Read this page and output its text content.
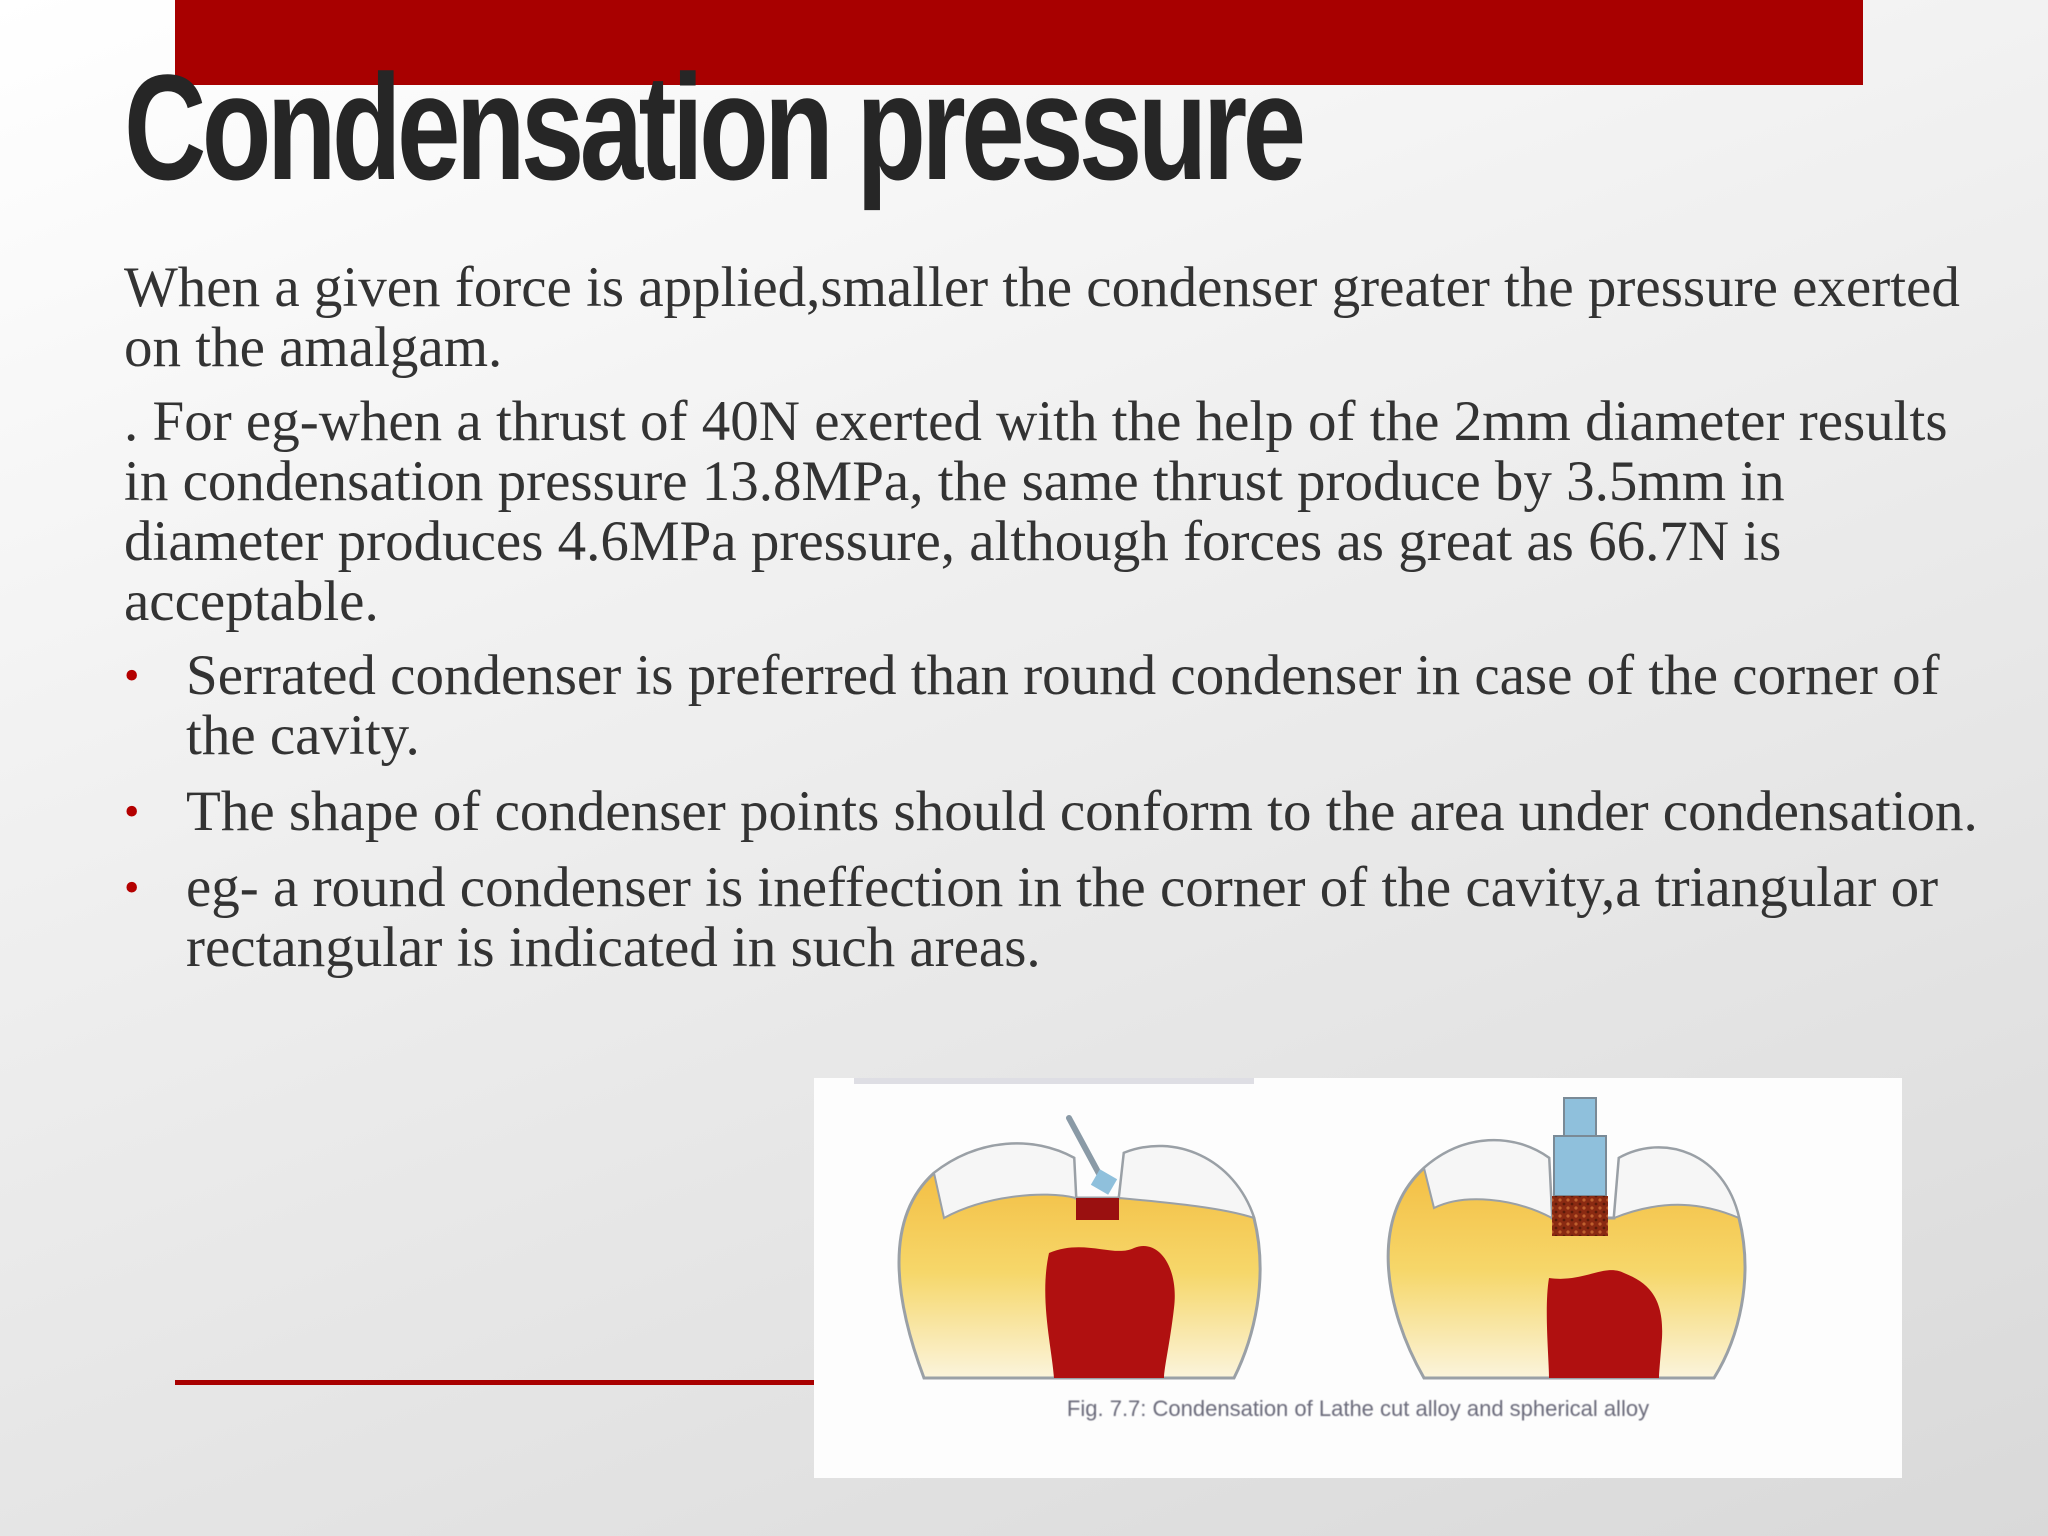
Condensation pressure

When a given force is applied,smaller the condenser greater the pressure exerted on the amalgam.

. For eg-when a thrust of 40N exerted with the help of the 2mm diameter results in condensation pressure 13.8MPa, the same thrust produce by 3.5mm in diameter produces 4.6MPa pressure, although forces as great as 66.7N is acceptable.

• Serrated condenser is preferred than round condenser in case of the corner of the cavity.
• The shape of condenser points should conform to the area under condensation.
• eg- a round condenser is ineffection in the corner of the cavity,a triangular or rectangular is indicated in such areas.
Fig. 7.7: Condensation of Lathe cut alloy and spherical alloy
